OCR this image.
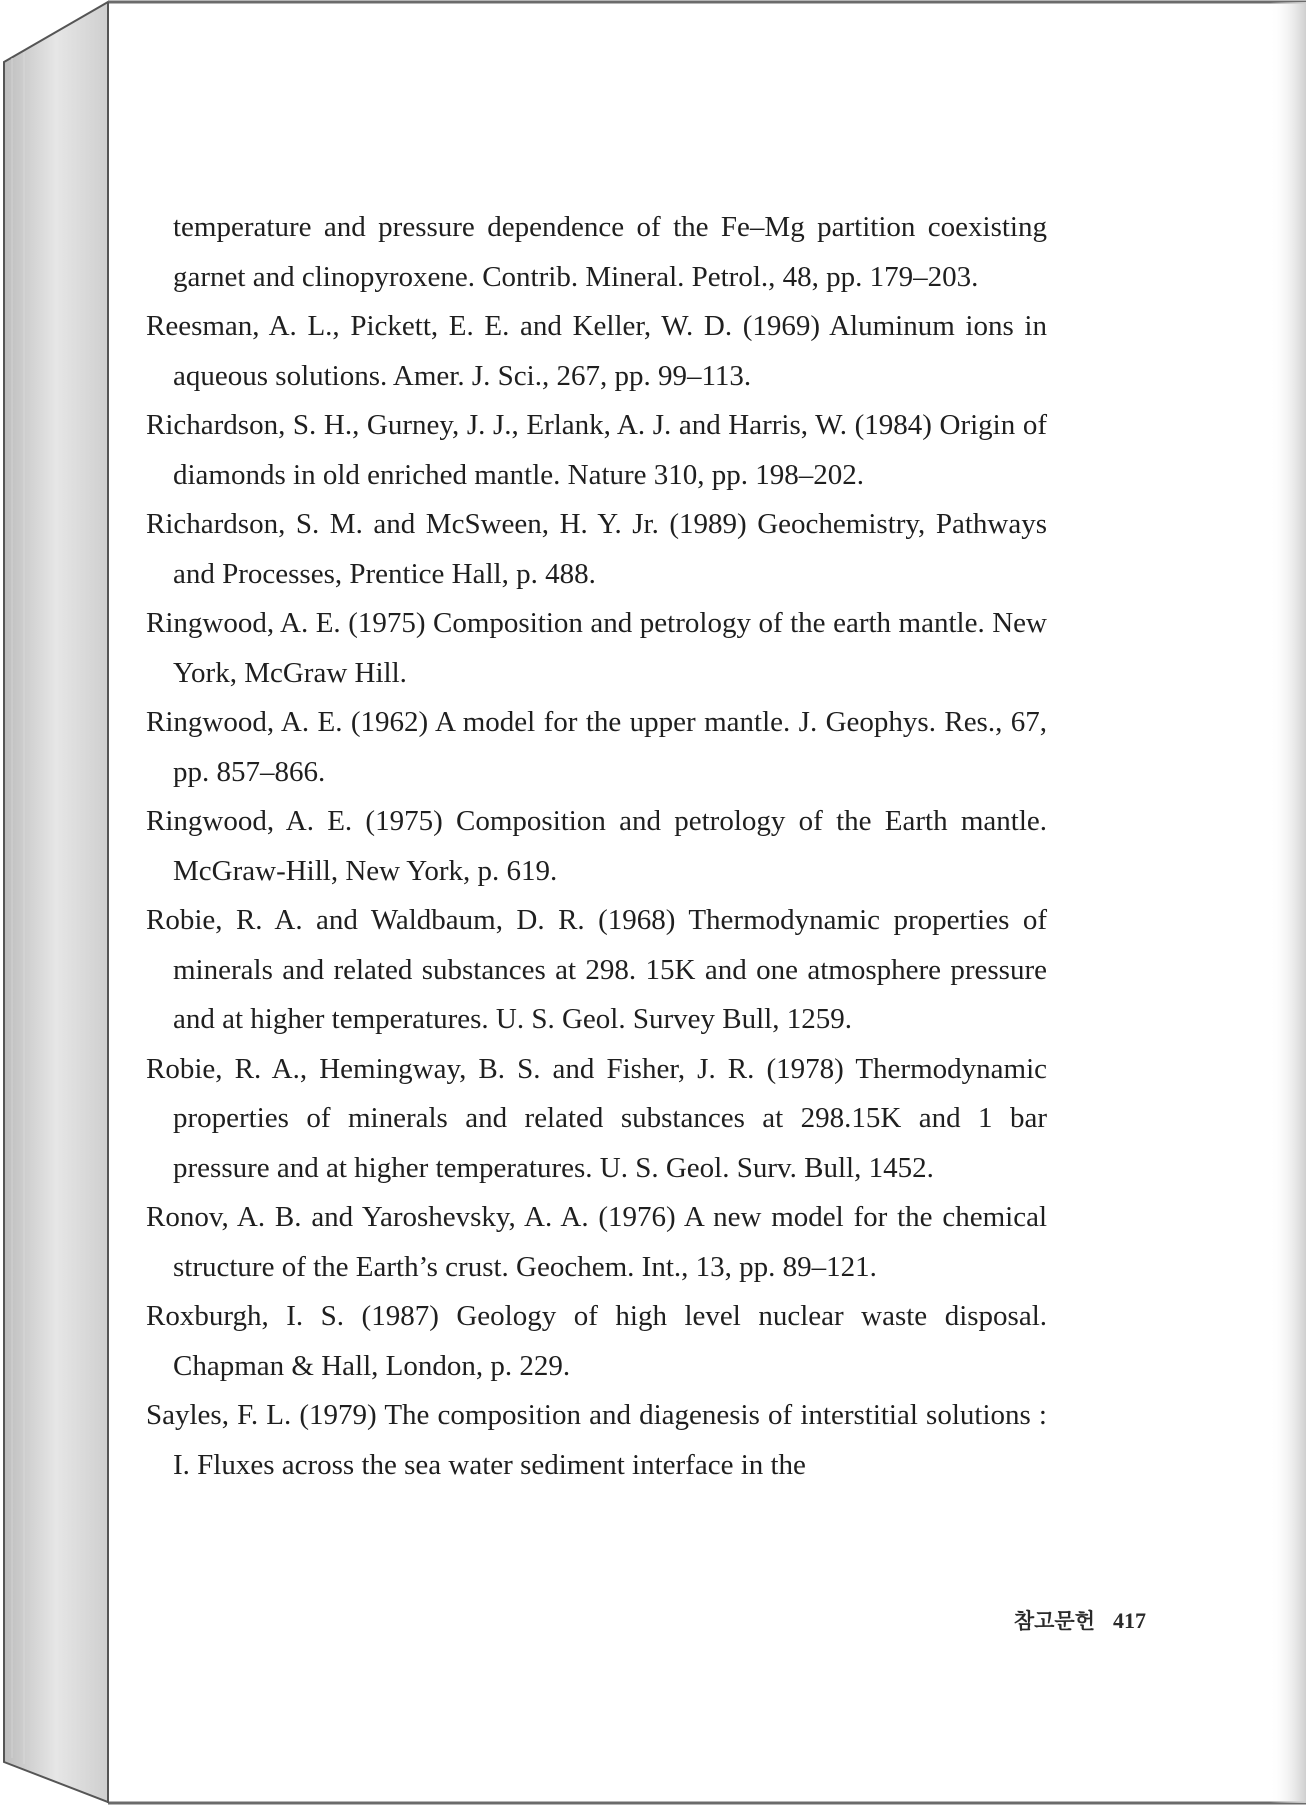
temperature and pressure dependence of the Fe–Mg partition coexisting garnet and clinopyroxene. Contrib. Mineral. Petrol., 48, pp. 179–203.
Reesman, A. L., Pickett, E. E. and Keller, W. D. (1969) Aluminum ions in aqueous solutions. Amer. J. Sci., 267, pp. 99–113.
Richardson, S. H., Gurney, J. J., Erlank, A. J. and Harris, W. (1984) Origin of diamonds in old enriched mantle. Nature 310, pp. 198–202.
Richardson, S. M. and McSween, H. Y. Jr. (1989) Geochemistry, Pathways and Processes, Prentice Hall, p. 488.
Ringwood, A. E. (1975) Composition and petrology of the earth mantle. New York, McGraw Hill.
Ringwood, A. E. (1962) A model for the upper mantle. J. Geophys. Res., 67, pp. 857–866.
Ringwood, A. E. (1975) Composition and petrology of the Earth mantle. McGraw-Hill, New York, p. 619.
Robie, R. A. and Waldbaum, D. R. (1968) Thermodynamic properties of minerals and related substances at 298. 15K and one atmosphere pressure and at higher temperatures. U. S. Geol. Survey Bull, 1259.
Robie, R. A., Hemingway, B. S. and Fisher, J. R. (1978) Thermodynamic properties of minerals and related substances at 298.15K and 1 bar pressure and at higher temperatures. U. S. Geol. Surv. Bull, 1452.
Ronov, A. B. and Yaroshevsky, A. A. (1976) A new model for the chemical structure of the Earth’s crust. Geochem. Int., 13, pp. 89–121.
Roxburgh, I. S. (1987) Geology of high level nuclear waste disposal. Chapman & Hall, London, p. 229.
Sayles, F. L. (1979) The composition and diagenesis of interstitial solutions : I. Fluxes across the sea water sediment interface in the
참고문헌 417
